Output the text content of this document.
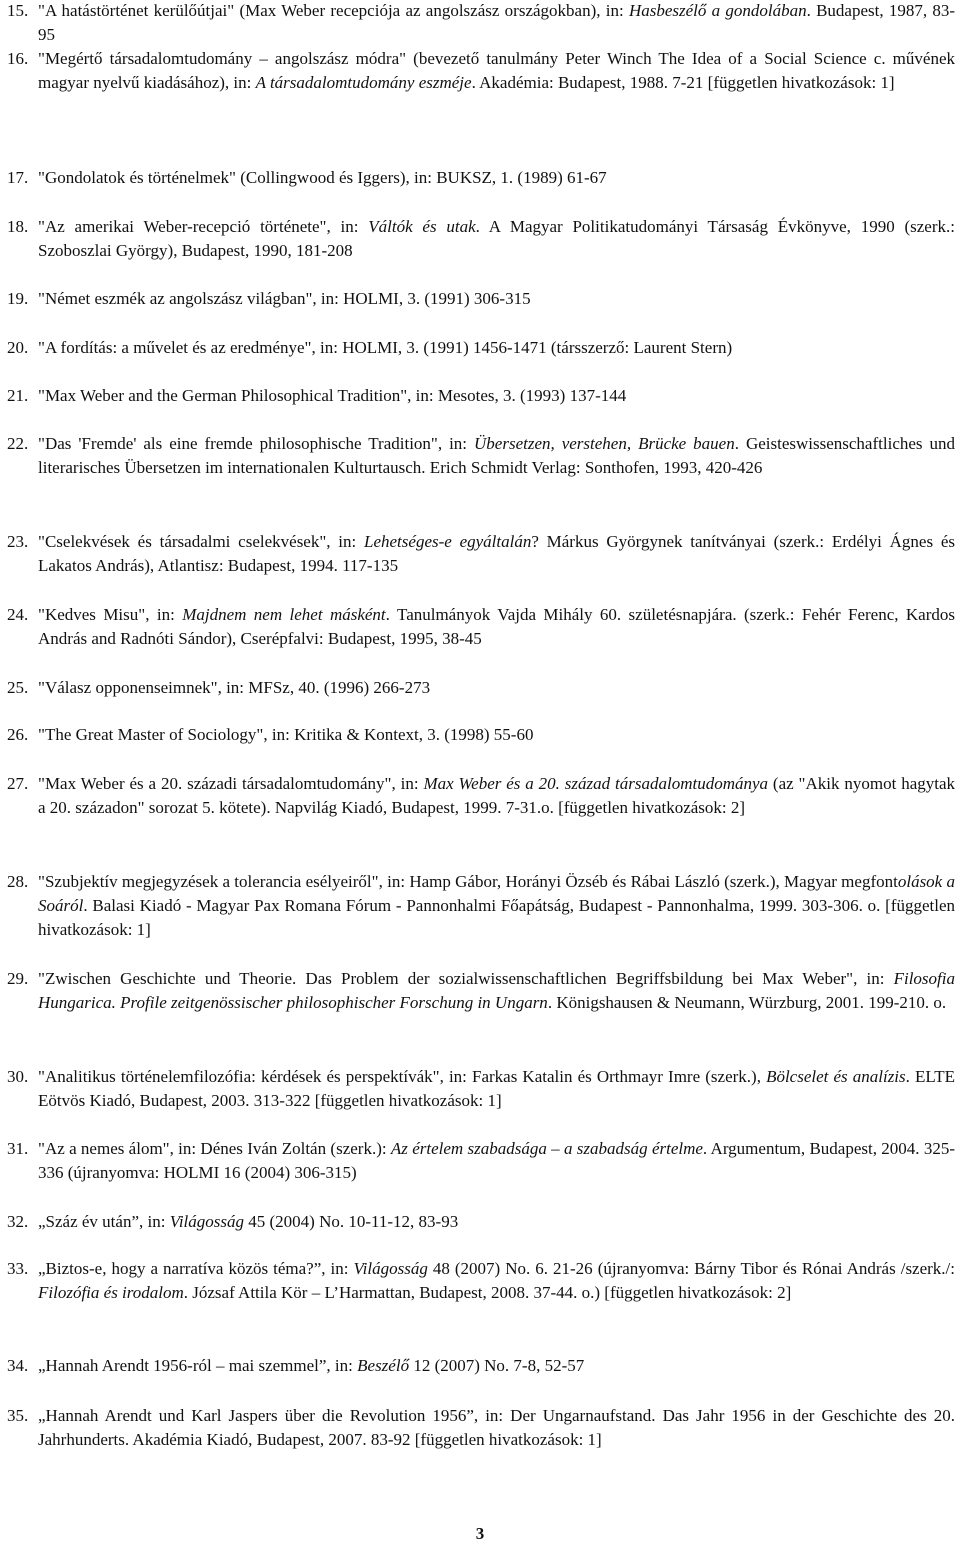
3
15. "A hatástörténet kerülőútjai" (Max Weber recepciója az angolszász országokban), in: Hasbeszélő a gondolában. Budapest, 1987, 83-95
16. "Megértő társadalomtudomány – angolszász módra" (bevezető tanulmány Peter Winch The Idea of a Social Science c. művének magyar nyelvű kiadásához), in: A társadalomtudomány eszméje. Akadémia: Budapest, 1988. 7-21 [független hivatkozások: 1]
17. "Gondolatok és történelmek" (Collingwood és Iggers), in: BUKSZ, 1. (1989) 61-67
18. "Az amerikai Weber-recepció története", in: Váltók és utak. A Magyar Politikatudományi Társaság Évkönyve, 1990 (szerk.: Szoboszlai György), Budapest, 1990, 181-208
19. "Német eszmék az angolszász világban", in: HOLMI, 3. (1991) 306-315
20. "A fordítás: a művelet és az eredménye", in: HOLMI, 3. (1991) 1456-1471 (társszerző: Laurent Stern)
21. "Max Weber and the German Philosophical Tradition", in: Mesotes, 3. (1993) 137-144
22. "Das 'Fremde' als eine fremde philosophische Tradition", in: Übersetzen, verstehen, Brücke bauen. Geisteswissenschaftliches und literarisches Übersetzen im internationalen Kulturtausch. Erich Schmidt Verlag: Sonthofen, 1993, 420-426
23. "Cselekvések és társadalmi cselekvések", in: Lehetséges-e egyáltalán? Márkus Györgynek tanítványai (szerk.: Erdélyi Ágnes és Lakatos András), Atlantisz: Budapest, 1994. 117-135
24. "Kedves Misu", in: Majdnem nem lehet másként. Tanulmányok Vajda Mihály 60. születésnapjára. (szerk.: Fehér Ferenc, Kardos András and Radnóti Sándor), Cserépfalvi: Budapest, 1995, 38-45
25. "Válasz opponenseimnek", in: MFSz, 40. (1996) 266-273
26. "The Great Master of Sociology", in: Kritika & Kontext, 3. (1998) 55-60
27. "Max Weber és a 20. századi társadalomtudomány", in: Max Weber és a 20. század társadalomtudománya (az "Akik nyomot hagytak a 20. századon" sorozat 5. kötete). Napvilág Kiadó, Budapest, 1999. 7-31.o. [független hivatkozások: 2]
28. "Szubjektív megjegyzések a tolerancia esélyeiről", in: Hamp Gábor, Horányi Özséb és Rábai László (szerk.), Magyar megfontolások a Soáról. Balasi Kiadó - Magyar Pax Romana Fórum - Pannonhalmi Főapátság, Budapest - Pannonhalma, 1999. 303-306. o. [független hivatkozások: 1]
29. "Zwischen Geschichte und Theorie. Das Problem der sozialwissenschaftlichen Begriffsbildung bei Max Weber", in: Filosofia Hungarica. Profile zeitgenössischer philosophischer Forschung in Ungarn. Königshausen & Neumann, Würzburg, 2001. 199-210. o.
30. "Analitikus történelemfilozófia: kérdések és perspektívák", in: Farkas Katalin és Orthmayr Imre (szerk.), Bölcselet és analízis. ELTE Eötvös Kiadó, Budapest, 2003. 313-322 [független hivatkozások: 1]
31. "Az a nemes álom", in: Dénes Iván Zoltán (szerk.): Az értelem szabadsága – a szabadság értelme. Argumentum, Budapest, 2004. 325-336 (újranyomva: HOLMI 16 (2004) 306-315)
32. „Száz év után”, in: Világosság 45 (2004) No. 10-11-12, 83-93
33. „Biztos-e, hogy a narratíva közös téma?”, in: Világosság 48 (2007) No. 6. 21-26 (újranyomva: Bárny Tibor és Rónai András /szerk./: Filozófia és irodalom. Józsaf Attila Kör – L’Harmattan, Budapest, 2008. 37-44. o.) [független hivatkozások: 2]
34. „Hannah Arendt 1956-ról – mai szemmel”, in: Beszélő 12 (2007) No. 7-8, 52-57
35. „Hannah Arendt und Karl Jaspers über die Revolution 1956”, in: Der Ungarnaufstand. Das Jahr 1956 in der Geschichte des 20. Jahrhunderts. Akadémia Kiadó, Budapest, 2007. 83-92 [független hivatkozások: 1]
